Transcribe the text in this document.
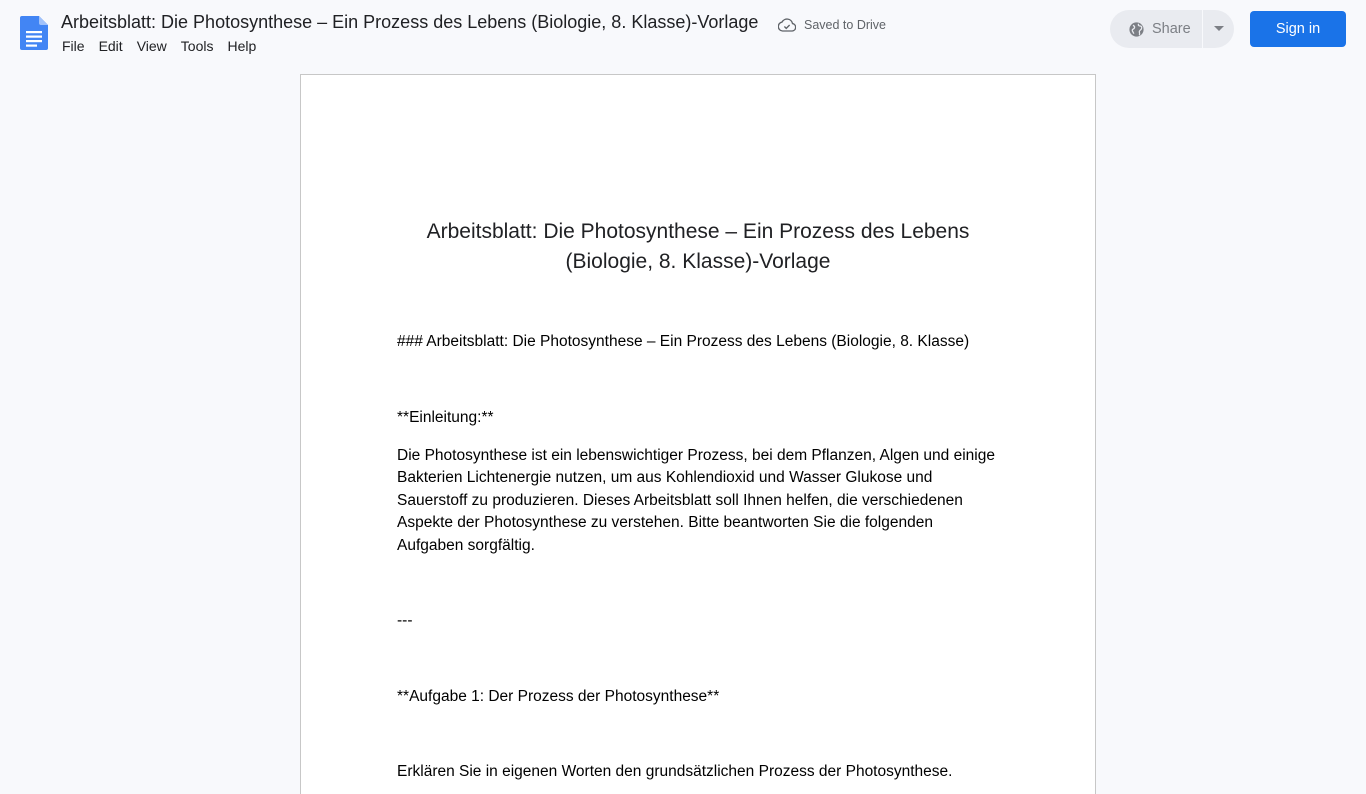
Arbeitsblatt: Die Photosynthese – Ein Prozess des Lebens (Biologie, 8. Klasse)-Vorlage	Saved to Drive
File	Edit	View	Tools	Help
Share	Sign in
Arbeitsblatt: Die Photosynthese – Ein Prozess des Lebens (Biologie, 8. Klasse)-Vorlage
### Arbeitsblatt: Die Photosynthese – Ein Prozess des Lebens (Biologie, 8. Klasse)
**Einleitung:**
Die Photosynthese ist ein lebenswichtiger Prozess, bei dem Pflanzen, Algen und einige Bakterien Lichtenergie nutzen, um aus Kohlendioxid und Wasser Glukose und Sauerstoff zu produzieren. Dieses Arbeitsblatt soll Ihnen helfen, die verschiedenen Aspekte der Photosynthese zu verstehen. Bitte beantworten Sie die folgenden Aufgaben sorgfältig.
---
**Aufgabe 1: Der Prozess der Photosynthese**
Erklären Sie in eigenen Worten den grundsätzlichen Prozess der Photosynthese.
